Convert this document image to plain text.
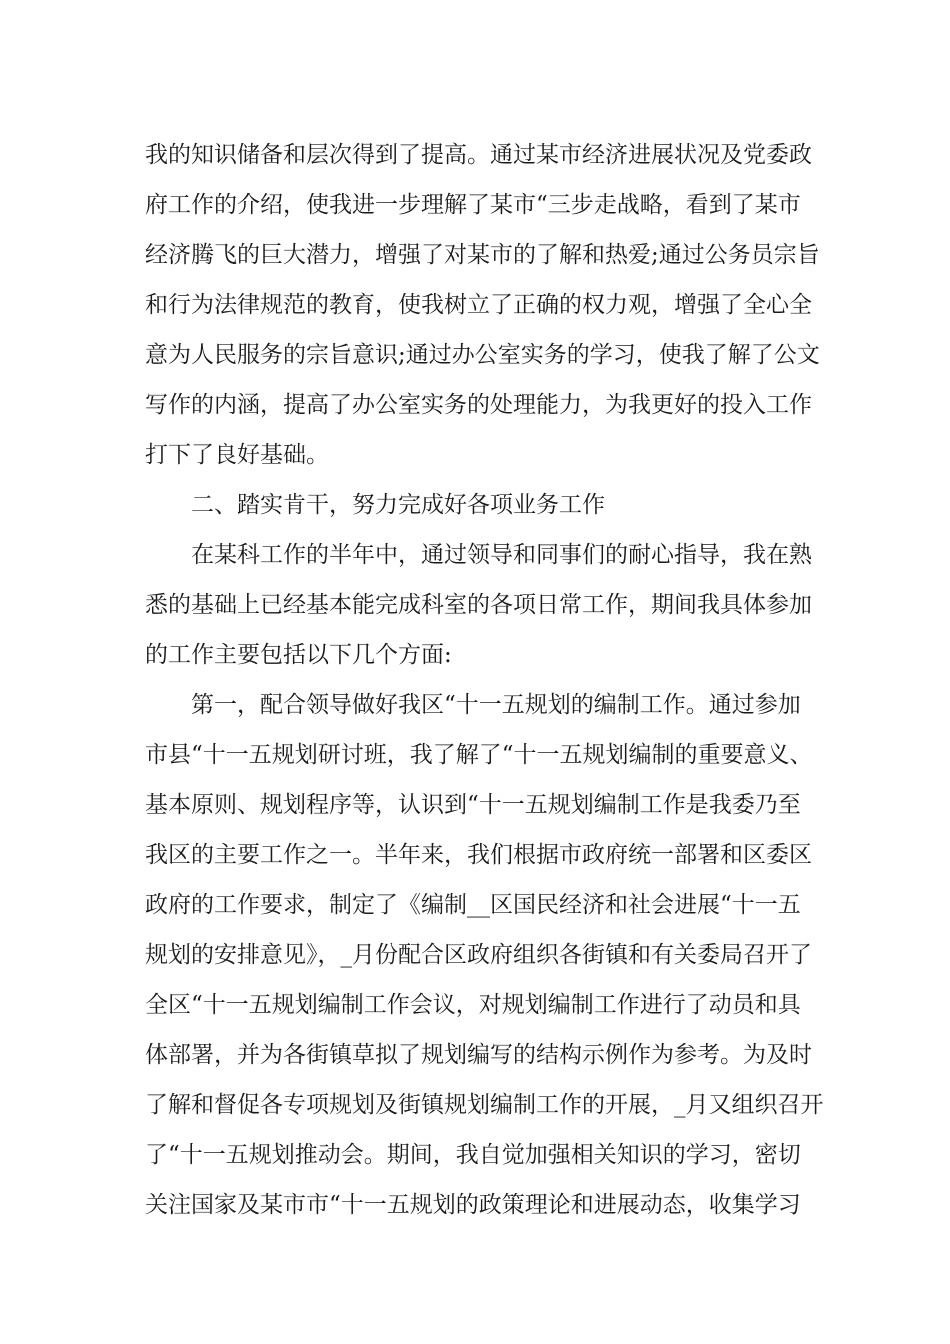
我的知识储备和层次得到了提高。通过某市经济进展状况及党委政
府工作的介绍，使我进一步理解了某市“三步走战略，看到了某市
经济腾飞的巨大潜力，增强了对某市的了解和热爱;通过公务员宗旨
和行为法律规范的教育，使我树立了正确的权力观，增强了全心全
意为人民服务的宗旨意识;通过办公室实务的学习，使我了解了公文
写作的内涵，提高了办公室实务的处理能力，为我更好的投入工作
打下了良好基础。
二、踏实肯干，努力完成好各项业务工作
在某科工作的半年中，通过领导和同事们的耐心指导，我在熟
悉的基础上已经基本能完成科室的各项日常工作，期间我具体参加
的工作主要包括以下几个方面:
第一，配合领导做好我区“十一五规划的编制工作。通过参加
市县“十一五规划研讨班，我了解了“十一五规划编制的重要意义、
基本原则、规划程序等，认识到“十一五规划编制工作是我委乃至
我区的主要工作之一。半年来，我们根据市政府统一部署和区委区
政府的工作要求，制定了《编制__区国民经济和社会进展“十一五
规划的安排意见》，_月份配合区政府组织各街镇和有关委局召开了
全区“十一五规划编制工作会议，对规划编制工作进行了动员和具
体部署，并为各街镇草拟了规划编写的结构示例作为参考。为及时
了解和督促各专项规划及街镇规划编制工作的开展，_月又组织召开
了“十一五规划推动会。期间，我自觉加强相关知识的学习，密切
关注国家及某市市“十一五规划的政策理论和进展动态，收集学习
